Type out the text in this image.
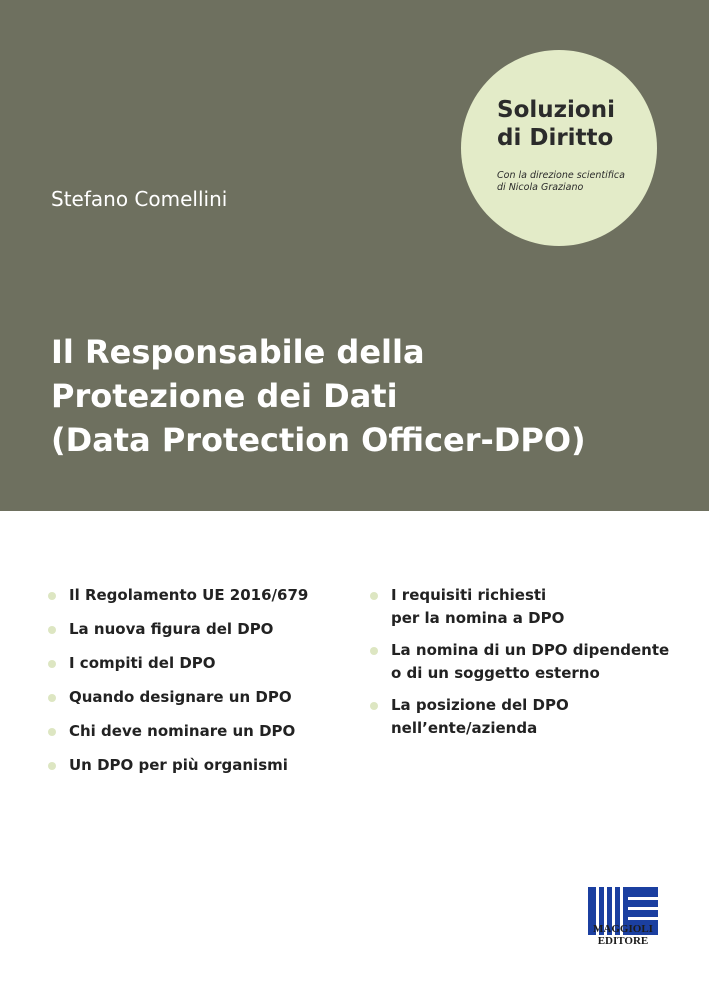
Soluzioni
di Diritto
Con la direzione scientifica
di Nicola Graziano
Stefano Comellini
Il Responsabile della
Protezione dei Dati
(Data Protection Officer-DPO)
Il Regolamento UE 2016/679
La nuova figura del DPO
I compiti del DPO
Quando designare un DPO
Chi deve nominare un DPO
Un DPO per più organismi
I requisiti richiesti
per la nomina a DPO
La nomina di un DPO dipendente
o di un soggetto esterno
La posizione del DPO
nell’ente/azienda
MAGGIOLI
EDITORE
